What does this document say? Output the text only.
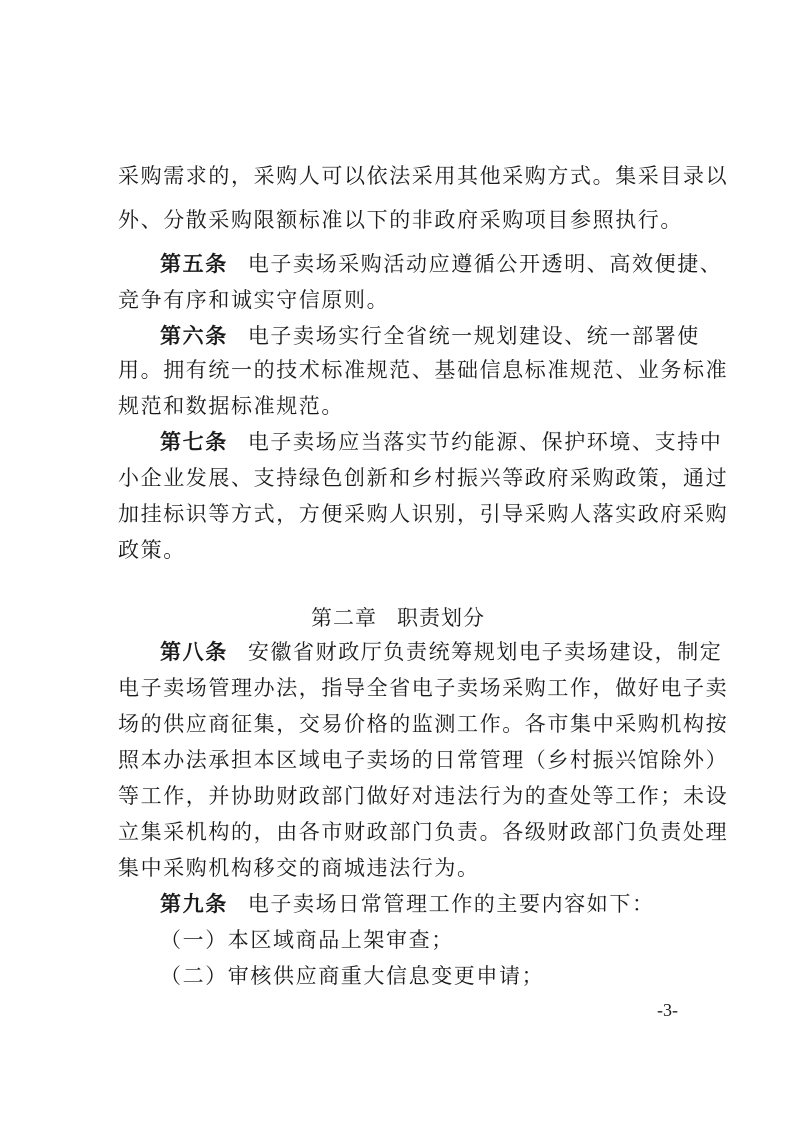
采购需求的，采购人可以依法采用其他采购方式。集采目录以
外、分散采购限额标准以下的非政府采购项目参照执行。
第五条 电子卖场采购活动应遵循公开透明、高效便捷、
竞争有序和诚实守信原则。
第六条 电子卖场实行全省统一规划建设、统一部署使
用。拥有统一的技术标准规范、基础信息标准规范、业务标准
规范和数据标准规范。
第七条 电子卖场应当落实节约能源、保护环境、支持中
小企业发展、支持绿色创新和乡村振兴等政府采购政策，通过
加挂标识等方式，方便采购人识别，引导采购人落实政府采购
政策。
第二章 职责划分
第八条 安徽省财政厅负责统筹规划电子卖场建设，制定
电子卖场管理办法，指导全省电子卖场采购工作，做好电子卖
场的供应商征集，交易价格的监测工作。各市集中采购机构按
照本办法承担本区域电子卖场的日常管理（乡村振兴馆除外）
等工作，并协助财政部门做好对违法行为的查处等工作；未设
立集采机构的，由各市财政部门负责。各级财政部门负责处理
集中采购机构移交的商城违法行为。
第九条 电子卖场日常管理工作的主要内容如下：
（一）本区域商品上架审查；
（二）审核供应商重大信息变更申请；
-3-
